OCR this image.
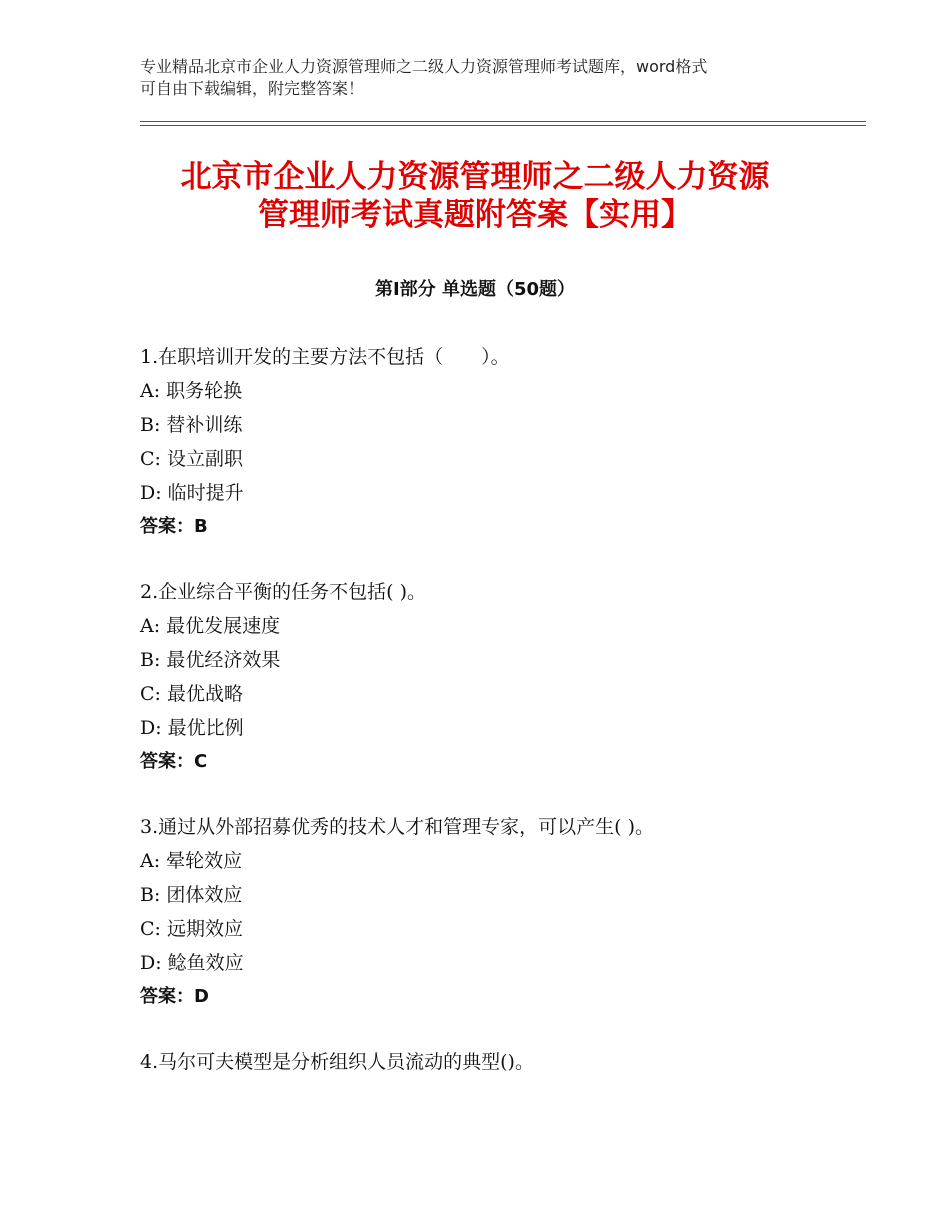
专业精品北京市企业人力资源管理师之二级人力资源管理师考试题库，word格式
可自由下载编辑，附完整答案！
北京市企业人力资源管理师之二级人力资源
管理师考试真题附答案【实用】
第Ⅰ部分 单选题（50题）
1.在职培训开发的主要方法不包括（　　）。
A: 职务轮换
B: 替补训练
C: 设立副职
D: 临时提升
答案：B
2.企业综合平衡的任务不包括( )。
A: 最优发展速度
B: 最优经济效果
C: 最优战略
D: 最优比例
答案：C
3.通过从外部招募优秀的技术人才和管理专家，可以产生( )。
A: 晕轮效应
B: 团体效应
C: 远期效应
D: 鲶鱼效应
答案：D
4.马尔可夫模型是分析组织人员流动的典型()。
